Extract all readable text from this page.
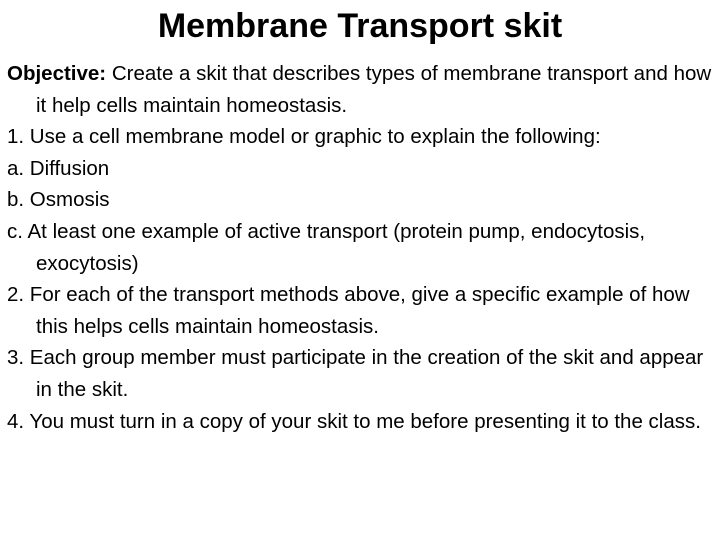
Membrane Transport skit

Objective: Create a skit that describes types of membrane transport and how it help cells maintain homeostasis.

1. Use a cell membrane model or graphic to explain the following:

a. Diffusion

b. Osmosis

c. At least one example of active transport (protein pump, endocytosis, exocytosis)

2. For each of the transport methods above, give a specific example of how this helps cells maintain homeostasis.

3. Each group member must participate in the creation of the skit and appear in the skit.

4. You must turn in a copy of your skit to me before presenting it to the class.
